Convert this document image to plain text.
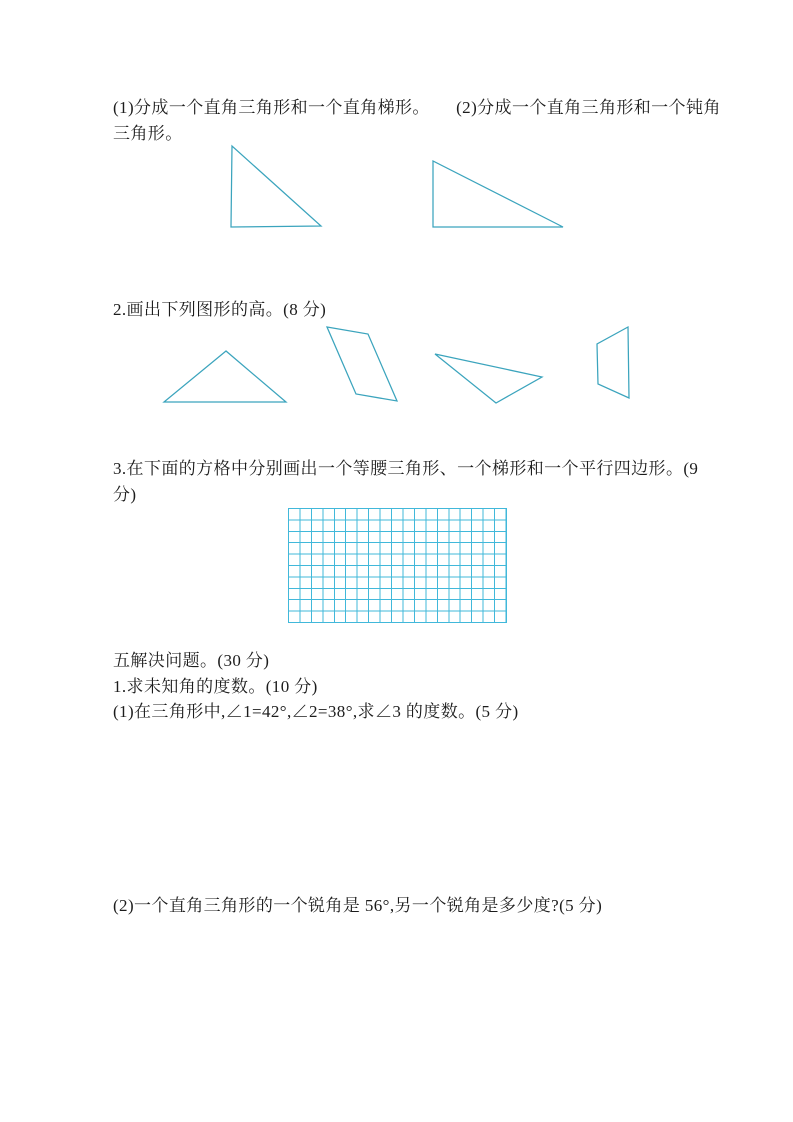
(1)分成一个直角三角形和一个直角梯形。　　(2)分成一个直角三角形和一个钝角
三角形。
2.画出下列图形的高。(8 分)
3.在下面的方格中分别画出一个等腰三角形、一个梯形和一个平行四边形。(9
分)
五解决问题。(30 分)
1.求未知角的度数。(10 分)
(1)在三角形中,∠1=42°,∠2=38°,求∠3 的度数。(5 分)
(2)一个直角三角形的一个锐角是 56°,另一个锐角是多少度?(5 分)
